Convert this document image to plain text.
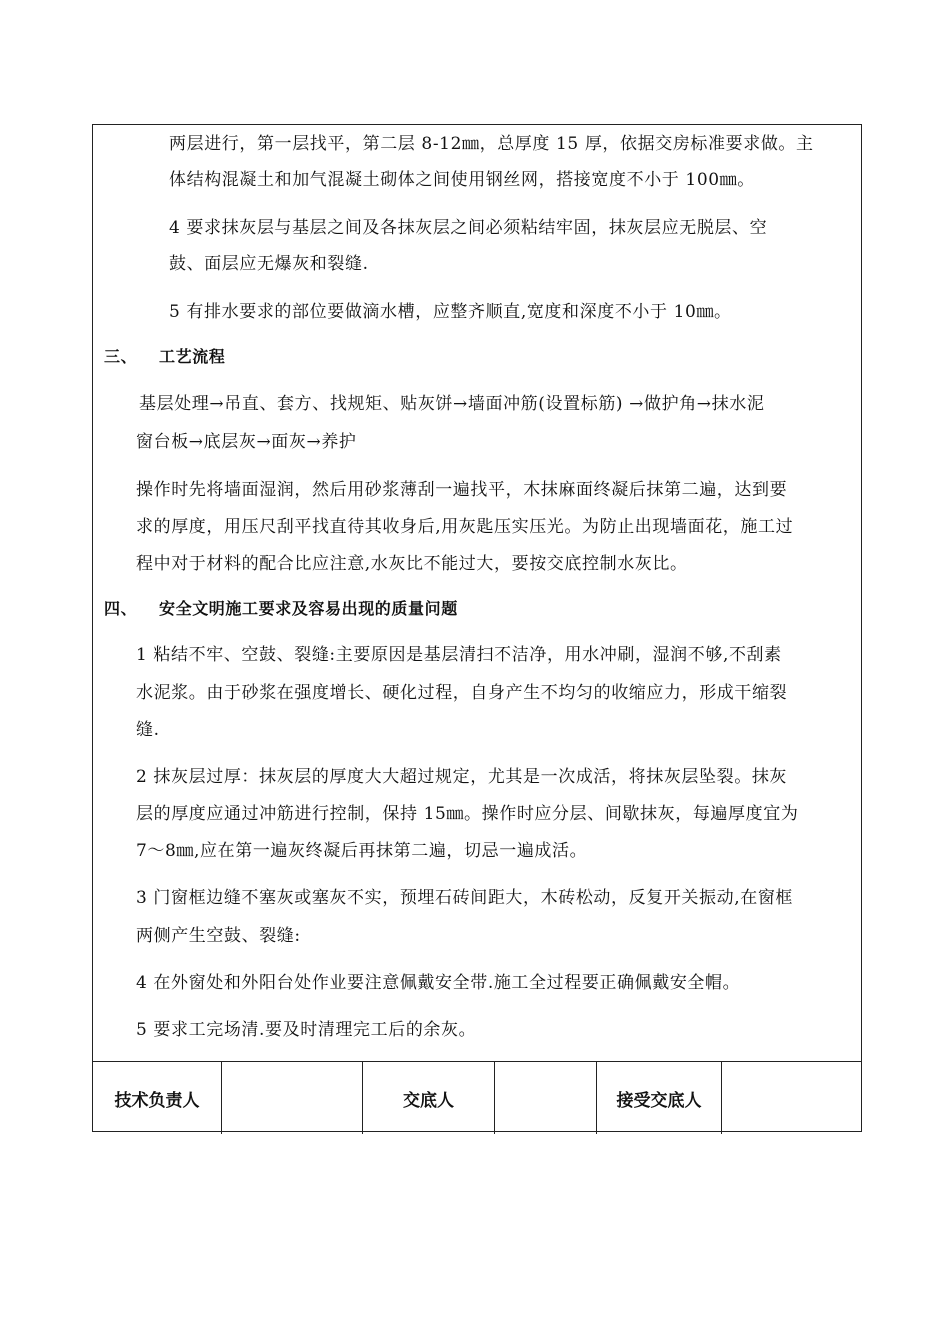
两层进行，第一层找平，第二层 8-12㎜，总厚度 15 厚，依据交房标准要求做。主
体结构混凝土和加气混凝土砌体之间使用钢丝网，搭接宽度不小于 100㎜。
4 要求抹灰层与基层之间及各抹灰层之间必须粘结牢固，抹灰层应无脱层、空
鼓、面层应无爆灰和裂缝.
5 有排水要求的部位要做滴水槽，应整齐顺直,宽度和深度不小于 10㎜。
三、 工艺流程
基层处理→吊直、套方、找规矩、贴灰饼→墙面冲筋(设置标筋) →做护角→抹水泥
窗台板→底层灰→面灰→养护
操作时先将墙面湿润，然后用砂浆薄刮一遍找平，木抹麻面终凝后抹第二遍，达到要
求的厚度，用压尺刮平找直待其收身后,用灰匙压实压光。为防止出现墙面花，施工过
程中对于材料的配合比应注意,水灰比不能过大，要按交底控制水灰比。
四、 安全文明施工要求及容易出现的质量问题
1 粘结不牢、空鼓、裂缝:主要原因是基层清扫不洁净，用水冲刷，湿润不够,不刮素
水泥浆。由于砂浆在强度增长、硬化过程，自身产生不均匀的收缩应力，形成干缩裂
缝.
2 抹灰层过厚：抹灰层的厚度大大超过规定，尤其是一次成活，将抹灰层坠裂。抹灰
层的厚度应通过冲筋进行控制，保持 15㎜。操作时应分层、间歇抹灰，每遍厚度宜为
7～8㎜,应在第一遍灰终凝后再抹第二遍，切忌一遍成活。
3 门窗框边缝不塞灰或塞灰不实，预埋石砖间距大，木砖松动，反复开关振动,在窗框
两侧产生空鼓、裂缝:
4 在外窗处和外阳台处作业要注意佩戴安全带.施工全过程要正确佩戴安全帽。
5 要求工完场清.要及时清理完工后的余灰。
技术负责人	交底人	接受交底人
